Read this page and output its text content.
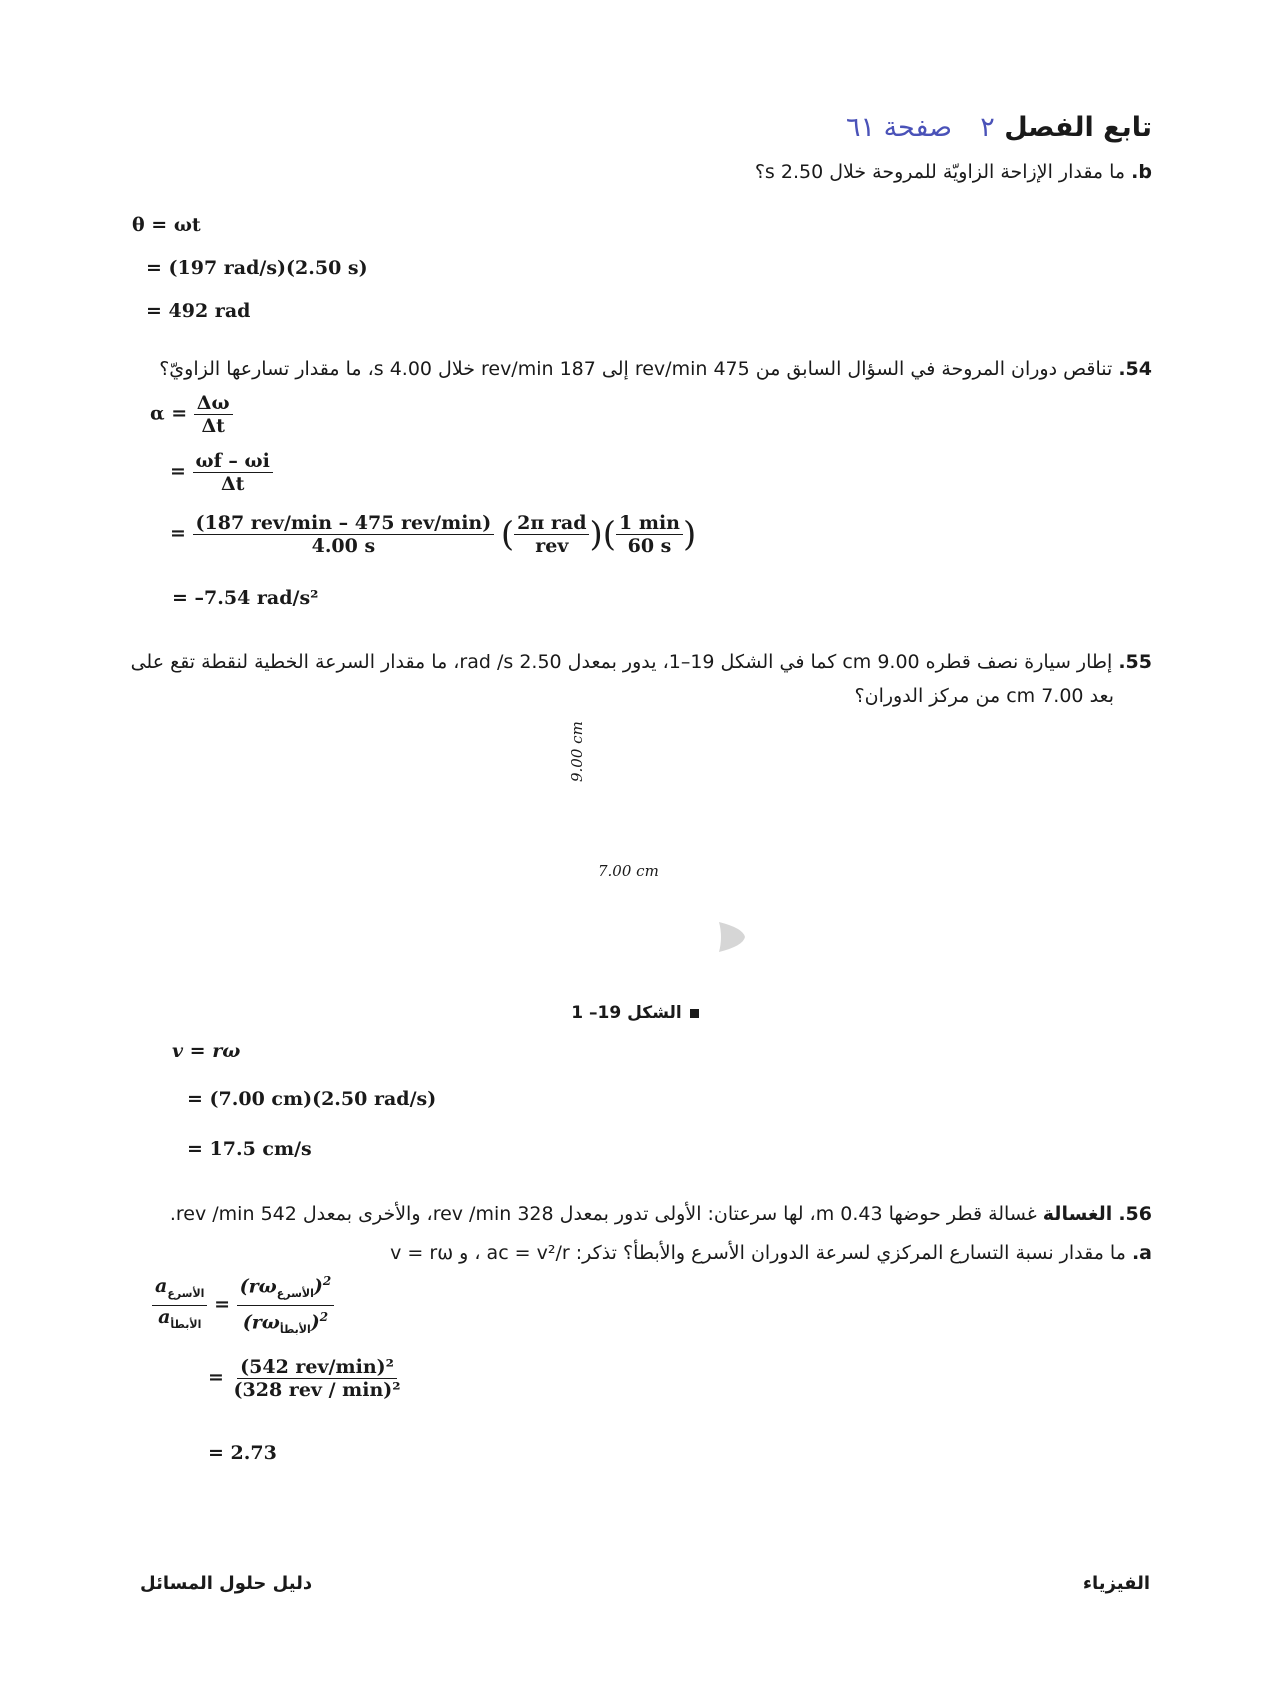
تابع الفصل ٢   صفحة ٦١
b. ما مقدار الإزاحة الزاويّة للمروحة خلال 2.50 s؟
θ = ωt
= (197 rad/s)(2.50 s)
= 492 rad
54. تناقص دوران المروحة في السؤال السابق من 475 rev/min إلى 187 rev/min خلال 4.00 s، ما مقدار تسارعها الزاويّ؟
$\alpha = \frac{\Delta\omega}{\Delta t}$
= $\frac{\omega f - \omega i}{\Delta t}$
= $\frac{\text{(187 rev/min – 475 rev/min)}}{4.00 s}$ ( $\frac{\text{2π rad}}{\text{rev}}$ )( $\frac{1 \min}{60 s}$ )
= –7.54 rad/s²
55. إطار سيارة نصف قطره 9.00 cm كما في الشكل 19–1، يدور بمعدل 2.50 rad /s، ما مقدار السرعة الخطية لنقطة تقع على
بعد 7.00 cm من مركز الدوران؟
9.00 cm
7.00 cm
الشكل 19– 1
v = rω
= (7.00 cm)(2.50 rad/s)
= 17.5 cm/s
56. الغسالة غسالة قطر حوضها 0.43 m، لها سرعتان: الأولى تدور بمعدل 328 rev /min، والأخرى بمعدل 542 rev /min.
a. ما مقدار نسبة التسارع المركزي لسرعة الدوران الأسرع والأبطأ؟ تذكر: ac = v²/r ، و v = rω
$\frac{a_{الأسرع}}{a_{الأبطأ}} = \frac{(r\omega_{الأسرع})^2}{(r\omega_{الأبطأ})^2}$
= $\frac{\text{(542 rev/min)²}}{\text{(328 rev / min)²}}$
= 2.73
الفيزياء
دليل حلول المسائل
